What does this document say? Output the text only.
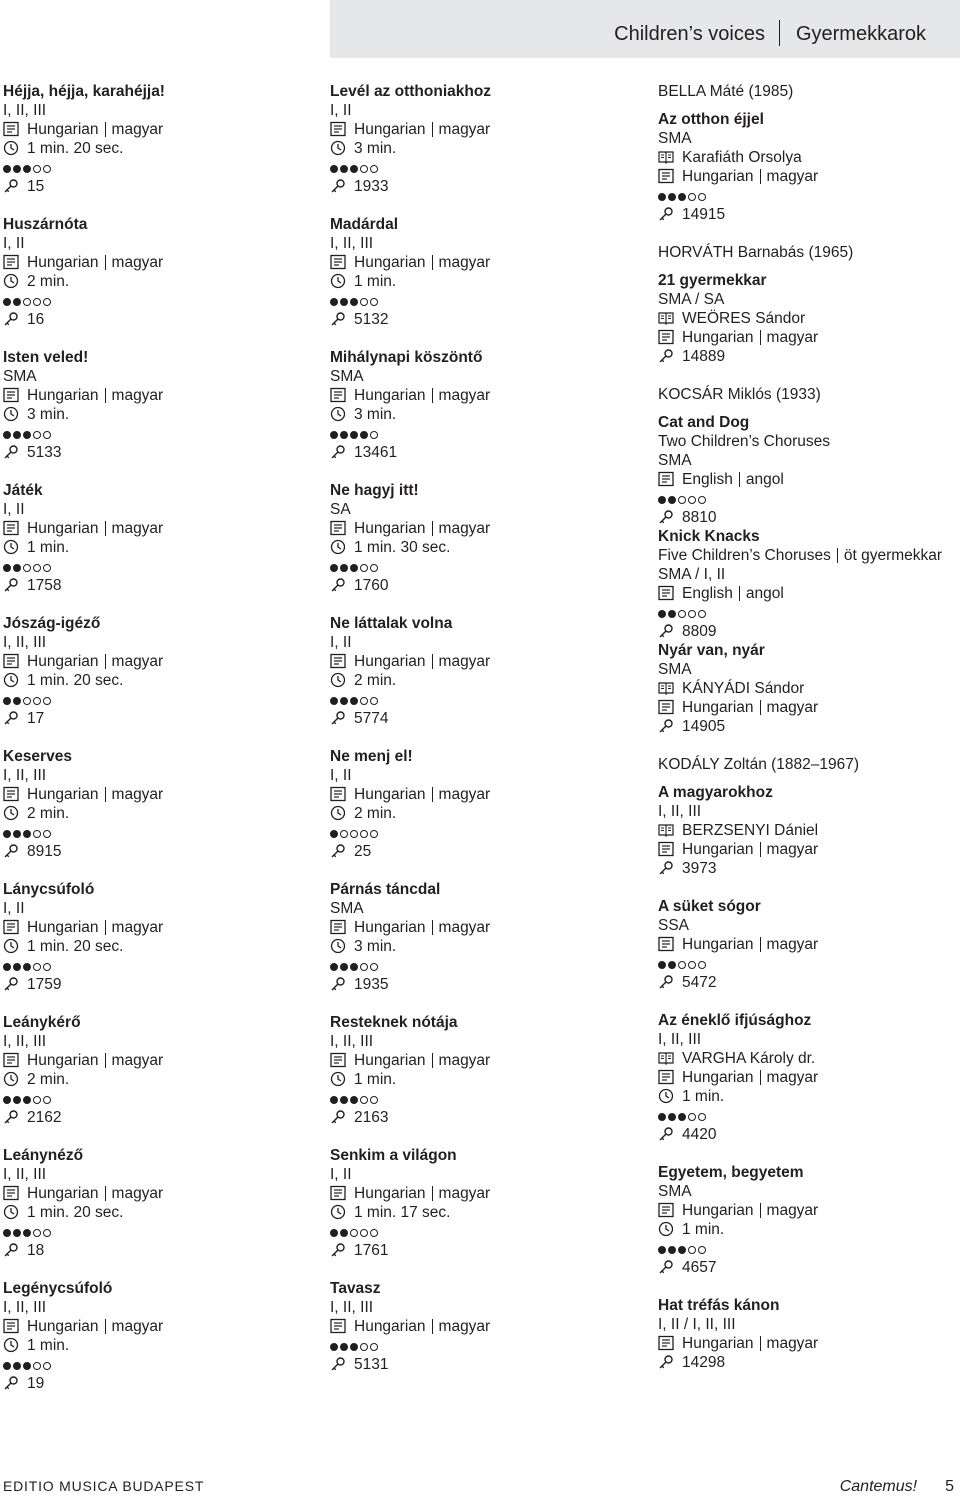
Children’s voices Gyermekkarok
Héjja, héjja, karahéjja!
I, II, III
Hungarian magyar
1 min. 20 sec.
15
Huszárnóta
I, II
Hungarian magyar
2 min.
16
Isten veled!
SMA
Hungarian magyar
3 min.
5133
Játék
I, II
Hungarian magyar
1 min.
1758
Jószág-igéző
I, II, III
Hungarian magyar
1 min. 20 sec.
17
Keserves
I, II, III
Hungarian magyar
2 min.
8915
Lánycsúfoló
I, II
Hungarian magyar
1 min. 20 sec.
1759
Leánykérő
I, II, III
Hungarian magyar
2 min.
2162
Leánynéző
I, II, III
Hungarian magyar
1 min. 20 sec.
18
Legénycsúfoló
I, II, III
Hungarian magyar
1 min.
19
Levél az otthoniakhoz
I, II
Hungarian magyar
3 min.
1933
Madárdal
I, II, III
Hungarian magyar
1 min.
5132
Mihálynapi köszöntő
SMA
Hungarian magyar
3 min.
13461
Ne hagyj itt!
SA
Hungarian magyar
1 min. 30 sec.
1760
Ne láttalak volna
I, II
Hungarian magyar
2 min.
5774
Ne menj el!
I, II
Hungarian magyar
2 min.
25
Párnás táncdal
SMA
Hungarian magyar
3 min.
1935
Resteknek nótája
I, II, III
Hungarian magyar
1 min.
2163
Senkim a világon
I, II
Hungarian magyar
1 min. 17 sec.
1761
Tavasz
I, II, III
Hungarian magyar
5131
BELLA Máté (1985)
Az otthon éjjel
SMA
Karafiáth Orsolya
Hungarian magyar
14915
HORVÁTH Barnabás (1965)
21 gyermekkar
SMA / SA
WEÖRES Sándor
Hungarian magyar
14889
KOCSÁR Miklós (1933)
Cat and Dog
Two Children’s Choruses
SMA
English angol
8810
Knick Knacks
Five Children’s Choruses öt gyermekkar
SMA / I, II
English angol
8809
Nyár van, nyár
SMA
KÁNYÁDI Sándor
Hungarian magyar
14905
KODÁLY Zoltán (1882–1967)
A magyarokhoz
I, II, III
BERZSENYI Dániel
Hungarian magyar
3973
A süket sógor
SSA
Hungarian magyar
5472
Az éneklő ifjúsághoz
I, II, III
VARGHA Károly dr.
Hungarian magyar
1 min.
4420
Egyetem, begyetem
SMA
Hungarian magyar
1 min.
4657
Hat tréfás kánon
I, II / I, II, III
Hungarian magyar
14298
EDITIO MUSICA BUDAPEST	Cantemus! 5
